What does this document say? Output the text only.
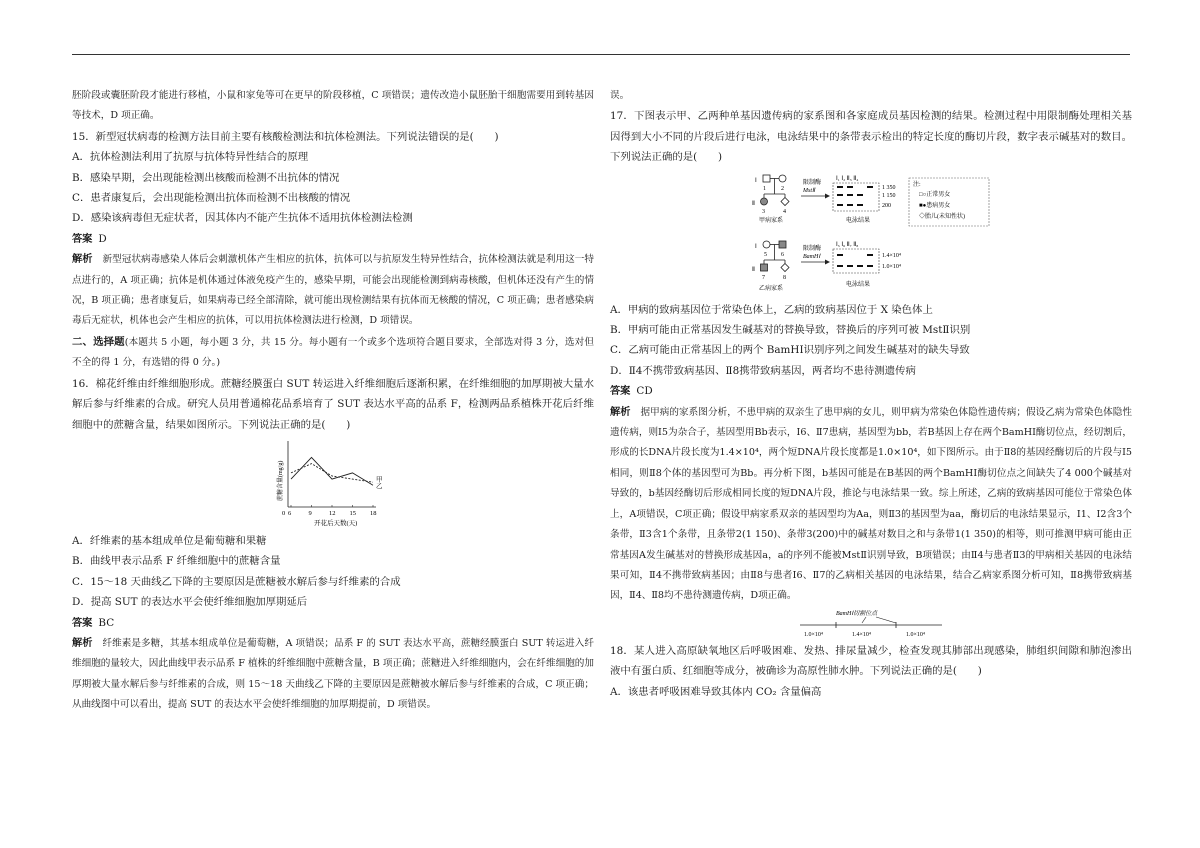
胚阶段或囊胚阶段才能进行移植，小鼠和家兔等可在更早的阶段移植，C 项错误；遗传改造小鼠胚胎干细胞需要用到转基因等技术，D 项正确。

15．新型冠状病毒的检测方法目前主要有核酸检测法和抗体检测法。下列说法错误的是(　　)

A．抗体检测法利用了抗原与抗体特异性结合的原理

B．感染早期，会出现能检测出核酸而检测不出抗体的情况

C．患者康复后，会出现能检测出抗体而检测不出核酸的情况

D．感染该病毒但无症状者，因其体内不能产生抗体不适用抗体检测法检测

答案 D

解析 新型冠状病毒感染人体后会刺激机体产生相应的抗体，抗体可以与抗原发生特异性结合，抗体检测法就是利用这一特点进行的，A 项正确；抗体是机体通过体液免疫产生的，感染早期，可能会出现能检测到病毒核酸，但机体还没有产生的情况，B 项正确；患者康复后，如果病毒已经全部清除，就可能出现检测结果有抗体而无核酸的情况，C 项正确；患者感染病毒后无症状，机体也会产生相应的抗体，可以用抗体检测法进行检测，D 项错误。

二、选择题(本题共 5 小题，每小题 3 分，共 15 分。每小题有一个或多个选项符合题目要求，全部选对得 3 分，选对但不全的得 1 分，有选错的得 0 分。)

16．棉花纤维由纤维细胞形成。蔗糖经膜蛋白 SUT 转运进入纤维细胞后逐渐积累，在纤维细胞的加厚期被大量水解后参与纤维素的合成。研究人员用普通棉花品系培育了 SUT 表达水平高的品系 F，检测两品系植株开花后纤维细胞中的蔗糖含量，结果如图所示。下列说法正确的是(　　)

6	9	12 15 18
0
蔗糖含量(mg/g)
开花后天数(天)
甲
乙

A．纤维素的基本组成单位是葡萄糖和果糖

B．曲线甲表示品系 F 纤维细胞中的蔗糖含量

C．15～18 天曲线乙下降的主要原因是蔗糖被水解后参与纤维素的合成

D．提高 SUT 的表达水平会使纤维细胞加厚期延后

答案 BC

解析 纤维素是多糖，其基本组成单位是葡萄糖，A 项错误；品系 F 的 SUT 表达水平高，蔗糖经膜蛋白 SUT 转运进入纤维细胞的量较大，因此曲线甲表示品系 F 植株的纤维细胞中蔗糖含量，B 项正确；蔗糖进入纤维细胞内，会在纤维细胞的加厚期被大量水解后参与纤维素的合成，则 15～18 天曲线乙下降的主要原因是蔗糖被水解后参与纤维素的合成，C 项正确；从曲线图中可以看出，提高 SUT 的表达水平会使纤维细胞的加厚期提前，D 项错误。

误。

17．下图表示甲、乙两种单基因遗传病的家系图和各家庭成员基因检测的结果。检测过程中用限制酶处理相关基因得到大小不同的片段后进行电泳，电泳结果中的条带表示检出的特定长度的酶切片段，数字表示碱基对的数目。下列说法正确的是(　　)

Ⅰ
1	2
Ⅱ
3	4
甲病家系
限制酶
MstⅡ
Ⅰ₁ Ⅰ₂ Ⅱ₃ Ⅱ₄
1 350
1 150
200
电泳结果
注:
□○正常男女
■●患病男女
◇胎儿(未知性状)
Ⅰ
5 6
Ⅱ
7	8
乙病家系
限制酶
BamHⅠ
Ⅰ₅ Ⅰ₆ Ⅱ₇ Ⅱ₈
1.4×10⁴
1.0×10⁴
电泳结果

A．甲病的致病基因位于常染色体上，乙病的致病基因位于 X 染色体上

B．甲病可能由正常基因发生碱基对的替换导致，替换后的序列可被 MstⅡ识别

C．乙病可能由正常基因上的两个 BamHⅠ识别序列之间发生碱基对的缺失导致

D．Ⅱ4不携带致病基因、Ⅱ8携带致病基因，两者均不患待测遗传病

答案 CD

解析 据甲病的家系图分析，不患甲病的双亲生了患甲病的女儿，则甲病为常染色体隐性遗传病；假设乙病为常染色体隐性遗传病，则Ⅰ5为杂合子，基因型用Bb表示，Ⅰ6、Ⅱ7患病，基因型为bb，若B基因上存在两个BamHⅠ酶切位点，经切割后，形成的长DNA片段长度为1.4×10⁴，两个短DNA片段长度都是1.0×10⁴，如下图所示。由于Ⅱ8的基因经酶切后的片段与Ⅰ5相同，则Ⅱ8个体的基因型可为Bb。再分析下图，b基因可能是在B基因的两个BamHⅠ酶切位点之间缺失了4 000个碱基对导致的，b基因经酶切后形成相同长度的短DNA片段，推论与电泳结果一致。综上所述，乙病的致病基因可能位于常染色体上，A项错误，C项正确；假设甲病家系双亲的基因型均为Aa，则Ⅱ3的基因型为aa，酶切后的电泳结果显示，Ⅰ1、Ⅰ2含3个条带，Ⅱ3含1个条带，且条带2(1 150)、条带3(200)中的碱基对数目之和与条带1(1 350)的相等，则可推测甲病可能由正常基因A发生碱基对的替换形成基因a，a的序列不能被MstⅡ识别导致，B项错误；由Ⅱ4与患者Ⅱ3的甲病相关基因的电泳结果可知，Ⅱ4不携带致病基因；由Ⅱ8与患者Ⅰ6、Ⅱ7的乙病相关基因的电泳结果，结合乙病家系图分析可知，Ⅱ8携带致病基因，Ⅱ4、Ⅱ8均不患待测遗传病，D项正确。

BamHⅠ切割位点
1.0×10⁴	1.4×10⁴	1.0×10⁴

18．某人进入高原缺氧地区后呼吸困难、发热、排尿量减少，检查发现其肺部出现感染，肺组织间隙和肺泡渗出液中有蛋白质、红细胞等成分，被确诊为高原性肺水肿。下列说法正确的是(　　)

A．该患者呼吸困难导致其体内 CO₂ 含量偏高
